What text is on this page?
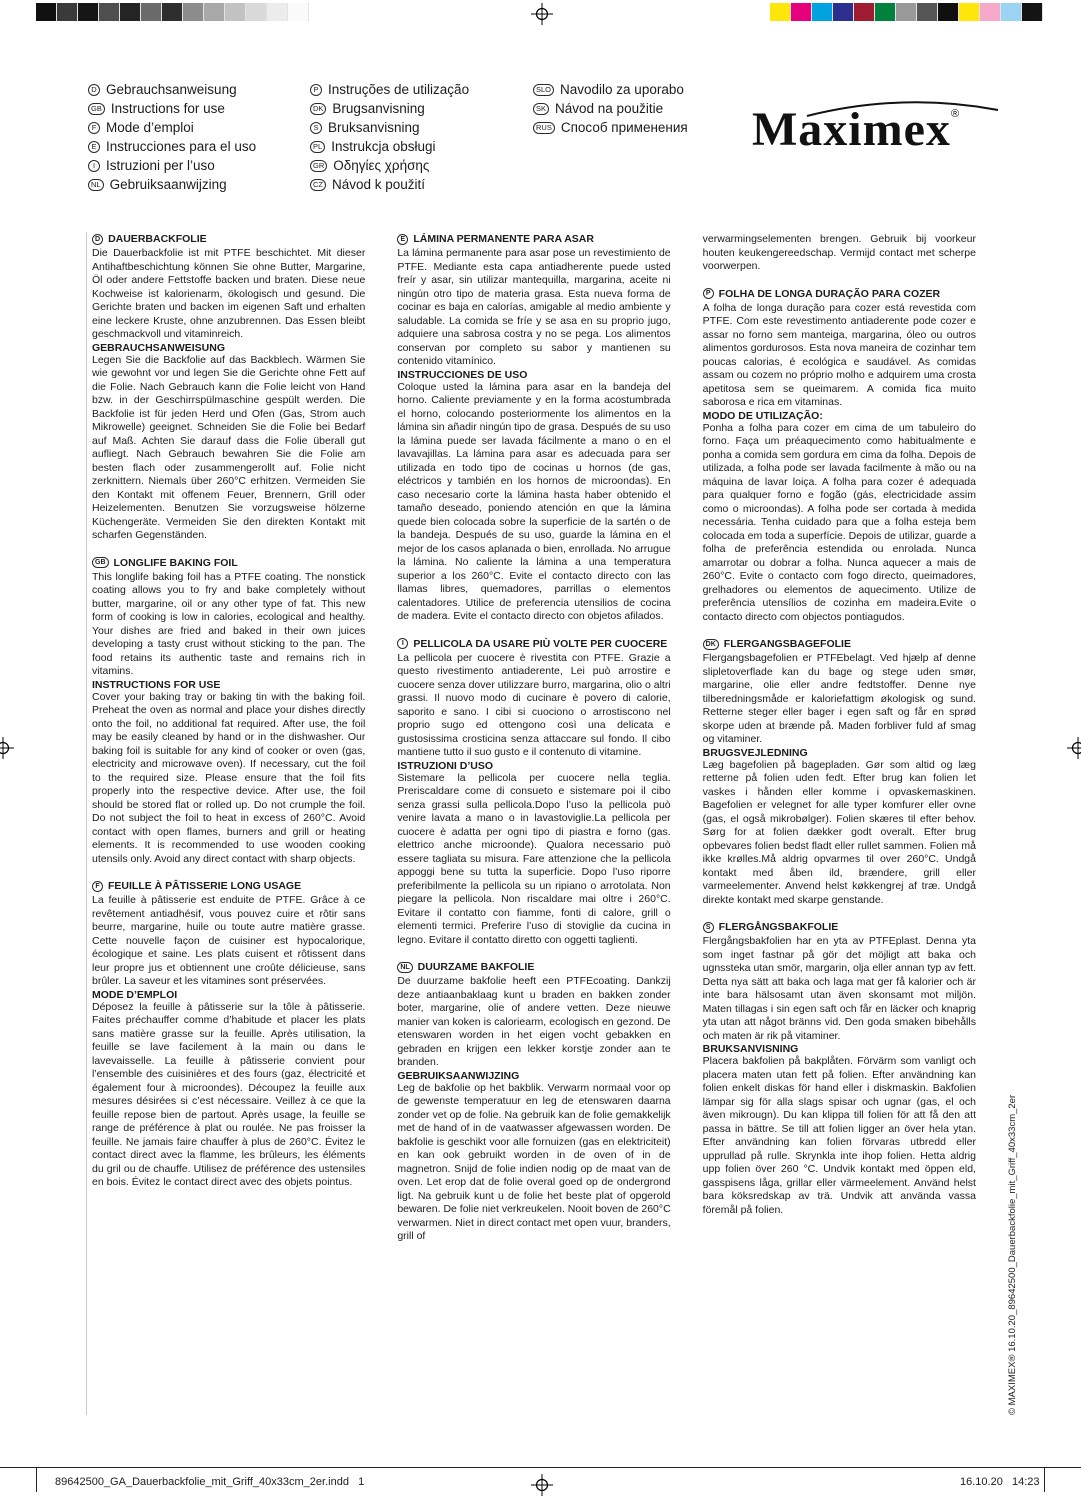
D Gebrauchsanweisung
GB Instructions for use
F Mode d’emploi
E Instrucciones para el uso
I Istruzioni per l’uso
NL Gebruiksaanwijzing
P Instruções de utilização
DK Brugsanvisning
S Bruksanvisning
PL Instrukcja obsługi
GR Οδηγίες χρήσης
CZ Návod k použití
SLO Navodilo za uporabo
SK Návod na použitie
RUS Способ применения Maximex®
D DAUERBACKFOLIE

Die Dauerbackfolie ist mit PTFE beschichtet. Mit dieser Antihaftbeschichtung können Sie ohne Butter, Margarine, Öl oder andere Fettstoffe backen und braten. Diese neue Kochweise ist kalorienarm, ökologisch und gesund. Die Gerichte braten und backen im eigenen Saft und erhalten eine leckere Kruste, ohne anzubrennen. Das Essen bleibt geschmackvoll und vitaminreich.

GEBRAUCHSANWEISUNG

Legen Sie die Backfolie auf das Backblech. Wärmen Sie wie gewohnt vor und legen Sie die Gerichte ohne Fett auf die Folie. Nach Gebrauch kann die Folie leicht von Hand bzw. in der Geschirrspülmaschine gespült werden. Die Backfolie ist für jeden Herd und Ofen (Gas, Strom auch Mikrowelle) geeignet. Schneiden Sie die Folie bei Bedarf auf Maß. Achten Sie darauf dass die Folie überall gut aufliegt. Nach Gebrauch bewahren Sie die Folie am besten flach oder zusammengerollt auf. Folie nicht zerknittern. Niemals über 260°C erhitzen. Vermeiden Sie den Kontakt mit offenem Feuer, Brennern, Grill oder Heizelementen. Benutzen Sie vorzugsweise hölzerne Küchengeräte. Vermeiden Sie den direkten Kontakt mit scharfen Gegenständen.

GB LONGLIFE BAKING FOIL

This longlife baking foil has a PTFE coating. The nonstick coating allows you to fry and bake completely without butter, margarine, oil or any other type of fat. This new form of cooking is low in calories, ecological and healthy. Your dishes are fried and baked in their own juices developing a tasty crust without sticking to the pan. The food retains its authentic taste and remains rich in vitamins.

INSTRUCTIONS FOR USE

Cover your baking tray or baking tin with the baking foil. Preheat the oven as normal and place your dishes directly onto the foil, no additional fat required. After use, the foil may be easily cleaned by hand or in the dishwasher. Our baking foil is suitable for any kind of cooker or oven (gas, electricity and microwave oven). If necessary, cut the foil to the required size. Please ensure that the foil fits properly into the respective device. After use, the foil should be stored flat or rolled up. Do not crumple the foil. Do not subject the foil to heat in excess of 260°C. Avoid contact with open flames, burners and grill or heating elements. It is recommended to use wooden cooking utensils only. Avoid any direct contact with sharp objects.

F FEUILLE À PÂTISSERIE LONG USAGE

La feuille à pâtisserie est enduite de PTFE. Grâce à ce revêtement antiadhésif, vous pouvez cuire et rôtir sans beurre, margarine, huile ou toute autre matière grasse. Cette nouvelle façon de cuisiner est hypocalorique, écologique et saine. Les plats cuisent et rôtissent dans leur propre jus et obtiennent une croûte délicieuse, sans brûler. La saveur et les vitamines sont préservées.

MODE D’EMPLOI

Déposez la feuille à pâtisserie sur la tôle à pâtisserie. Faites préchauffer comme d’habitude et placer les plats sans matière grasse sur la feuille. Après utilisation, la feuille se lave facilement à la main ou dans le lavevaisselle. La feuille à pâtisserie convient pour l’ensemble des cuisinières et des fours (gaz, électricité et également four à microondes). Découpez la feuille aux mesures désirées si c’est nécessaire. Veillez à ce que la feuille repose bien de partout. Après usage, la feuille se range de préférence à plat ou roulée. Ne pas froisser la feuille. Ne jamais faire chauffer à plus de 260°C. Évitez le contact direct avec la flamme, les brûleurs, les éléments du gril ou de chauffe. Utilisez de préférence des ustensiles en bois. Évitez le contact direct avec des objets pointus.

E LÁMINA PERMANENTE PARA ASAR

La lámina permanente para asar pose un revestimiento de PTFE. Mediante esta capa antiadherente puede usted freír y asar, sin utilizar mantequilla, margarina, aceite ni ningún otro tipo de materia grasa. Esta nueva forma de cocinar es baja en calorías, amigable al medio ambiente y saludable. La comida se fríe y se asa en su proprio jugo, adquiere una sabrosa costra y no se pega. Los alimentos conservan por completo su sabor y mantienen su contenido vitamínico.

INSTRUCCIONES DE USO

Coloque usted la lámina para asar en la bandeja del horno. Caliente previamente y en la forma acostumbrada el horno, colocando posteriormente los alimentos en la lámina sin añadir ningún tipo de grasa. Después de su uso la lámina puede ser lavada fácilmente a mano o en el lavavajillas. La lámina para asar es adecuada para ser utilizada en todo tipo de cocinas u hornos (de gas, eléctricos y también en los hornos de microondas). En caso necesario corte la lámina hasta haber obtenido el tamaño deseado, poniendo atención en que la lámina quede bien colocada sobre la superficie de la sartén o de la bandeja. Después de su uso, guarde la lámina en el mejor de los casos aplanada o bien, enrollada. No arrugue la lámina. No caliente la lámina a una temperatura superior a los 260°C. Evite el contacto directo con las llamas libres, quemadores, parrillas o elementos calentadores. Utilice de preferencia utensilios de cocina de madera. Evite el contacto directo con objetos afilados.

I PELLICOLA DA USARE PIÙ VOLTE PER CUOCERE

La pellicola per cuocere è rivestita con PTFE. Grazie a questo rivestimento antiaderente, Lei può arrostire e cuocere senza dover utilizzare burro, margarina, olio o altri grassi. Il nuovo modo di cucinare è povero di calorie, saporito e sano. I cibi si cuociono o arrostiscono nel proprio sugo ed ottengono così una delicata e gustosissima crosticina senza attaccare sul fondo. Il cibo mantiene tutto il suo gusto e il contenuto di vitamine.

ISTRUZIONI D’USO

Sistemare la pellicola per cuocere nella teglia. Preriscaldare come di consueto e sistemare poi il cibo senza grassi sulla pellicola.Dopo l’uso la pellicola può venire lavata a mano o in lavastoviglie.La pellicola per cuocere è adatta per ogni tipo di piastra e forno (gas. elettrico anche microonde). Qualora necessario può essere tagliata su misura. Fare attenzione che la pellicola appoggi bene su tutta la superficie. Dopo l’uso riporre preferibilmente la pellicola su un ripiano o arrotolata. Non piegare la pellicola. Non riscaldare mai oltre i 260°C. Evitare il contatto con fiamme, fonti di calore, grill o elementi termici. Preferire l’uso di stoviglie da cucina in legno. Evitare il contatto diretto con oggetti taglienti.

NL DUURZAME BAKFOLIE

De duurzame bakfolie heeft een PTFEcoating. Dankzij deze antiaanbaklaag kunt u braden en bakken zonder boter, margarine, olie of andere vetten. Deze nieuwe manier van koken is caloriearm, ecologisch en gezond. De etenswaren worden in het eigen vocht gebakken en gebraden en krijgen een lekker korstje zonder aan te branden.

GEBRUIKSAANWIJZING

Leg de bakfolie op het bakblik. Verwarm normaal voor op de gewenste temperatuur en leg de etenswaren daarna zonder vet op de folie. Na gebruik kan de folie gemakkelijk met de hand of in de vaatwasser afgewassen worden. De bakfolie is geschikt voor alle fornuizen (gas en elektriciteit) en kan ook gebruikt worden in de oven of in de magnetron. Snijd de folie indien nodig op de maat van de oven. Let erop dat de folie overal goed op de ondergrond ligt. Na gebruik kunt u de folie het beste plat of opgerold bewaren. De folie niet verkreukelen. Nooit boven de 260°C verwarmen. Niet in direct contact met open vuur, branders, grill of

verwarmingselementen brengen. Gebruik bij voorkeur houten keukengereedschap. Vermijd contact met scherpe voorwerpen.

P FOLHA DE LONGA DURAÇÃO PARA COZER

A folha de longa duração para cozer está revestida com PTFE. Com este revestimento antiaderente pode cozer e assar no forno sem manteiga, margarina, óleo ou outros alimentos gordurosos. Esta nova maneira de cozinhar tem poucas calorias, é ecológica e saudável. As comidas assam ou cozem no próprio molho e adquirem uma crosta apetitosa sem se queimarem. A comida fica muito saborosa e rica em vitaminas.

MODO DE UTILIZAÇÃO:

Ponha a folha para cozer em cima de um tabuleiro do forno. Faça um préaquecimento como habitualmente e ponha a comida sem gordura em cima da folha. Depois de utilizada, a folha pode ser lavada facilmente à mão ou na máquina de lavar loiça. A folha para cozer é adequada para qualquer forno e fogão (gás, electricidade assim como o microondas). A folha pode ser cortada à medida necessária. Tenha cuidado para que a folha esteja bem colocada em toda a superfície. Depois de utilizar, guarde a folha de preferência estendida ou enrolada. Nunca amarrotar ou dobrar a folha. Nunca aquecer a mais de 260°C. Evite o contacto com fogo directo, queimadores, grelhadores ou elementos de aquecimento. Utilize de preferência utensílios de cozinha em madeira.Evite o contacto directo com objectos pontiagudos.

DK FLERGANGSBAGEFOLIE

Flergangsbagefolien er PTFEbelagt. Ved hjælp af denne slipletoverflade kan du bage og stege uden smør, margarine, olie eller andre fedtstoffer. Denne nye tilberedningsmåde er kaloriefattigm økologisk og sund. Retterne steger eller bager i egen saft og får en sprød skorpe uden at brænde på. Maden forbliver fuld af smag og vitaminer.

BRUGSVEJLEDNING

Læg bagefolien på bagepladen. Gør som altid og læg retterne på folien uden fedt. Efter brug kan folien let vaskes i hånden eller komme i opvaskemaskinen. Bagefolien er velegnet for alle typer komfurer eller ovne (gas, el også mikrobølger). Folien skæres til efter behov. Sørg for at folien dækker godt overalt. Efter brug opbevares folien bedst fladt eller rullet sammen. Folien må ikke krølles.Må aldrig opvarmes til over 260°C. Undgå kontakt med åben ild, brændere, grill eller varmeelementer. Anvend helst køkkengrej af træ. Undgå direkte kontakt med skarpe genstande.

S FLERGÅNGSBAKFOLIE

Flergångsbakfolien har en yta av PTFEplast. Denna yta som inget fastnar på gör det möjligt att baka och ugnssteka utan smör, margarin, olja eller annan typ av fett. Detta nya sätt att baka och laga mat ger få kalorier och är inte bara hälsosamt utan även skonsamt mot miljön. Maten tillagas i sin egen saft och får en läcker och knaprig yta utan att något bränns vid. Den goda smaken bibehålls och maten är rik på vitaminer.

BRUKSANVISNING

Placera bakfolien på bakplåten. Förvärm som vanligt och placera maten utan fett på folien. Efter användning kan folien enkelt diskas för hand eller i diskmaskin. Bakfolien lämpar sig för alla slags spisar och ugnar (gas, el och även mikrougn). Du kan klippa till folien för att få den att passa in bättre. Se till att folien ligger an över hela ytan. Efter användning kan folien förvaras utbredd eller upprullad på rulle. Skrynkla inte ihop folien. Hetta aldrig upp folien över 260 °C. Undvik kontakt med öppen eld, gasspisens låga, grillar eller värmeelement. Använd helst bara köksredskap av trä. Undvik att använda vassa föremål på folien.	© MAXIMEX® 16.10.20_89642500_Dauerbackfolie_mit_Griff_40x33cm_2er
89642500_GA_Dauerbackfolie_mit_Griff_40x33cm_2er.indd   1	16.10.20   14:23
